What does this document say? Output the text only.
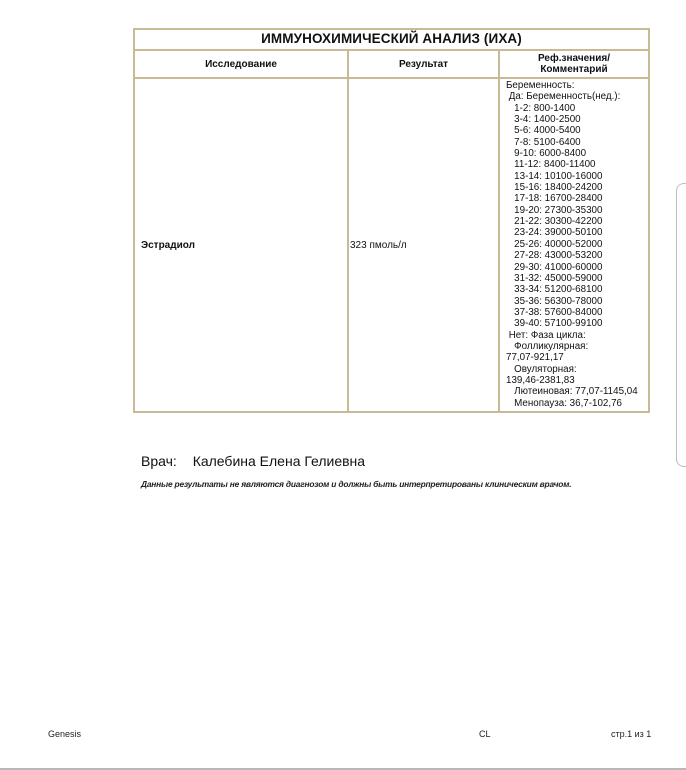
ИММУНОХИМИЧЕСКИЙ АНАЛИЗ (ИХА)
Исследование	Результат	Реф.значения/
Комментарий
Эстрадиол	323 пмоль/л
Беременность:
Да: Беременность(нед.):
1-2: 800-1400
3-4: 1400-2500
5-6: 4000-5400
7-8: 5100-6400
9-10: 6000-8400
11-12: 8400-11400
13-14: 10100-16000
15-16: 18400-24200
17-18: 16700-28400
19-20: 27300-35300
21-22: 30300-42200
23-24: 39000-50100
25-26: 40000-52000
27-28: 43000-53200
29-30: 41000-60000
31-32: 45000-59000
33-34: 51200-68100
35-36: 56300-78000
37-38: 57600-84000
39-40: 57100-99100
Нет: Фаза цикла:
Фолликулярная:
77,07-921,17
Овуляторная:
139,46-2381,83
Лютеиновая: 77,07-1145,04
Менопауза: 36,7-102,76
Врач: Калебина Елена Гелиевна
Данные результаты не являются диагнозом и должны быть интерпретированы клиническим врачом.
Genesis	CL	стр.1 из 1
